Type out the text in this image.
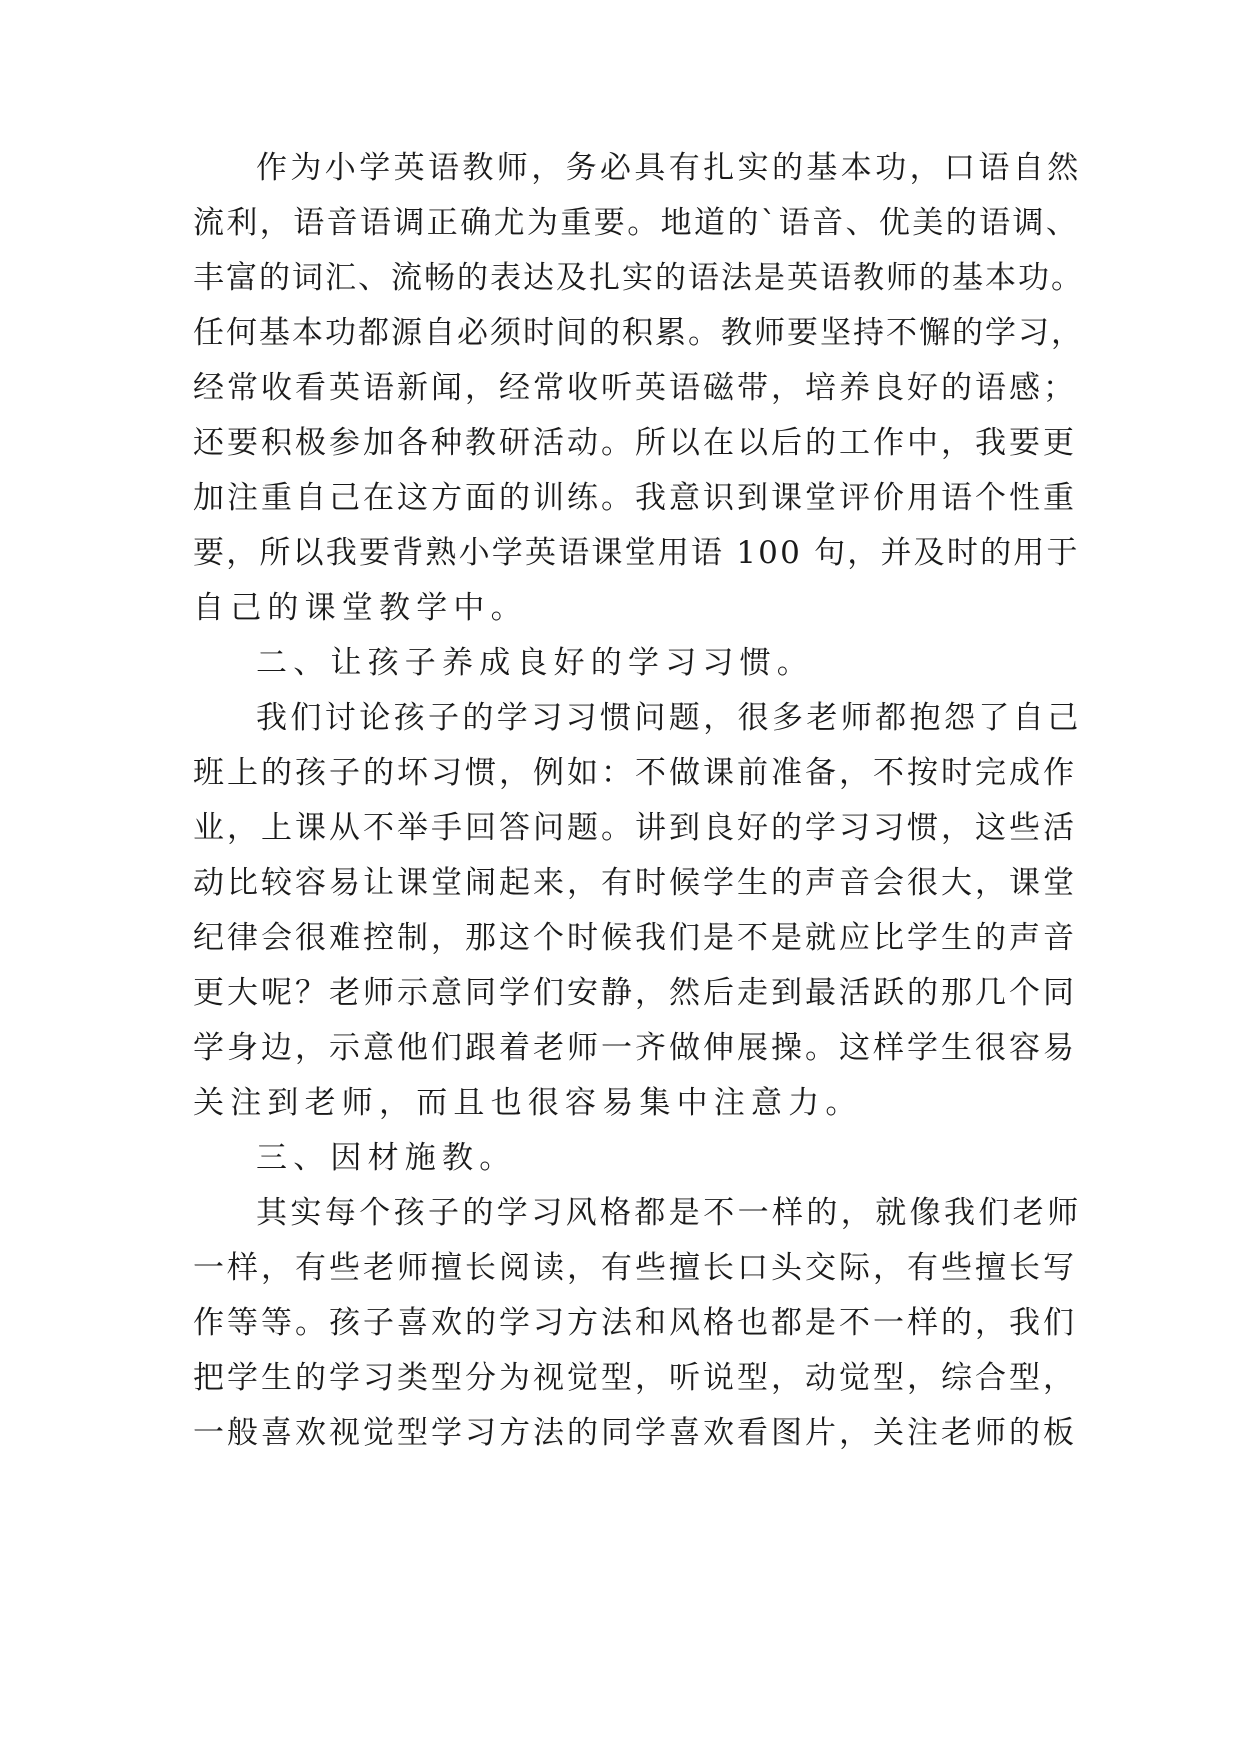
作为小学英语教师，务必具有扎实的基本功，口语自然
流利，语音语调正确尤为重要。地道的`语音、优美的语调、
丰富的词汇、流畅的表达及扎实的语法是英语教师的基本功。
任何基本功都源自必须时间的积累。教师要坚持不懈的学习，
经常收看英语新闻，经常收听英语磁带，培养良好的语感；
还要积极参加各种教研活动。所以在以后的工作中，我要更
加注重自己在这方面的训练。我意识到课堂评价用语个性重
要，所以我要背熟小学英语课堂用语 100 句，并及时的用于
自己的课堂教学中。
二、让孩子养成良好的学习习惯。
我们讨论孩子的学习习惯问题，很多老师都抱怨了自己
班上的孩子的坏习惯，例如：不做课前准备，不按时完成作
业，上课从不举手回答问题。讲到良好的学习习惯，这些活
动比较容易让课堂闹起来，有时候学生的声音会很大，课堂
纪律会很难控制，那这个时候我们是不是就应比学生的声音
更大呢？老师示意同学们安静，然后走到最活跃的那几个同
学身边，示意他们跟着老师一齐做伸展操。这样学生很容易
关注到老师，而且也很容易集中注意力。
三、因材施教。
其实每个孩子的学习风格都是不一样的，就像我们老师
一样，有些老师擅长阅读，有些擅长口头交际，有些擅长写
作等等。孩子喜欢的学习方法和风格也都是不一样的，我们
把学生的学习类型分为视觉型，听说型，动觉型，综合型，
一般喜欢视觉型学习方法的同学喜欢看图片，关注老师的板
